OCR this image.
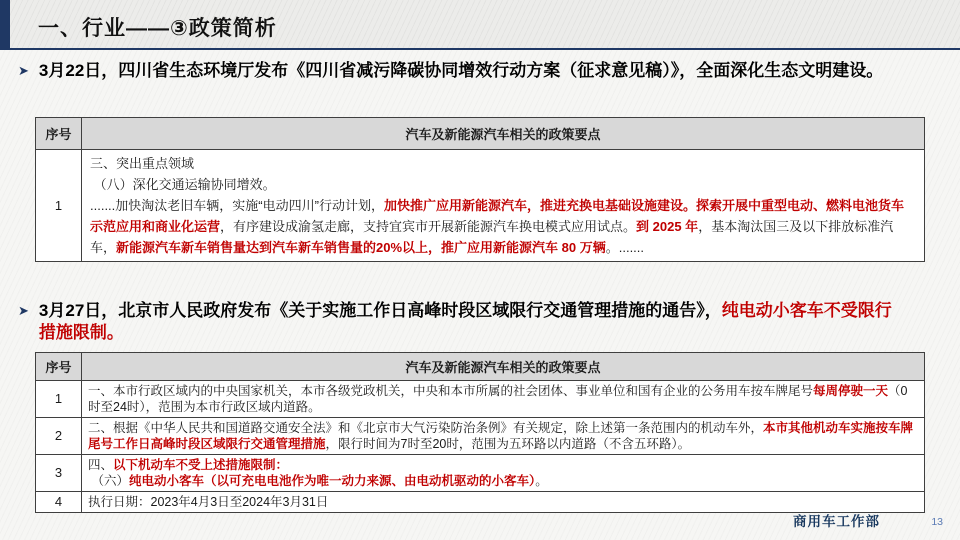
一、行业——③政策简析
➤ 3月22日，四川省生态环境厅发布《四川省减污降碳协同增效行动方案（征求意见稿）》，全面深化生态文明建设。

序号	汽车及新能源汽车相关的政策要点
1	三、突出重点领域
（八）深化交通运输协同增效。
.......加快淘汰老旧车辆，实施“电动四川”行动计划，加快推广应用新能源汽车，推进充换电基础设施建设。探索开展中重型电动、燃料电池货车示范应用和商业化运营，有序建设成渝氢走廊，支持宜宾市开展新能源汽车换电模式应用试点。到 2025 年，基本淘汰国三及以下排放标准汽车，新能源汽车新车销售量达到汽车新车销售量的20%以上，推广应用新能源汽车 80 万辆。.......
➤ 3月27日，北京市人民政府发布《关于实施工作日高峰时段区域限行交通管理措施的通告》，纯电动小客车不受限行措施限制。

序号	汽车及新能源汽车相关的政策要点
1	一、本市行政区域内的中央国家机关，本市各级党政机关，中央和本市所属的社会团体、事业单位和国有企业的公务用车按车牌尾号每周停驶一天（0时至24时），范围为本市行政区域内道路。

2	二、根据《中华人民共和国道路交通安全法》和《北京市大气污染防治条例》有关规定，除上述第一条范围内的机动车外，本市其他机动车实施按车牌尾号工作日高峰时段区域限行交通管理措施，限行时间为7时至20时，范围为五环路以内道路（不含五环路）。

3	四、以下机动车不受上述措施限制：
（六）纯电动小客车（以可充电电池作为唯一动力来源、由电动机驱动的小客车）。

4	执行日期：2023年4月3日至2024年3月31日
商用车工作部	13
